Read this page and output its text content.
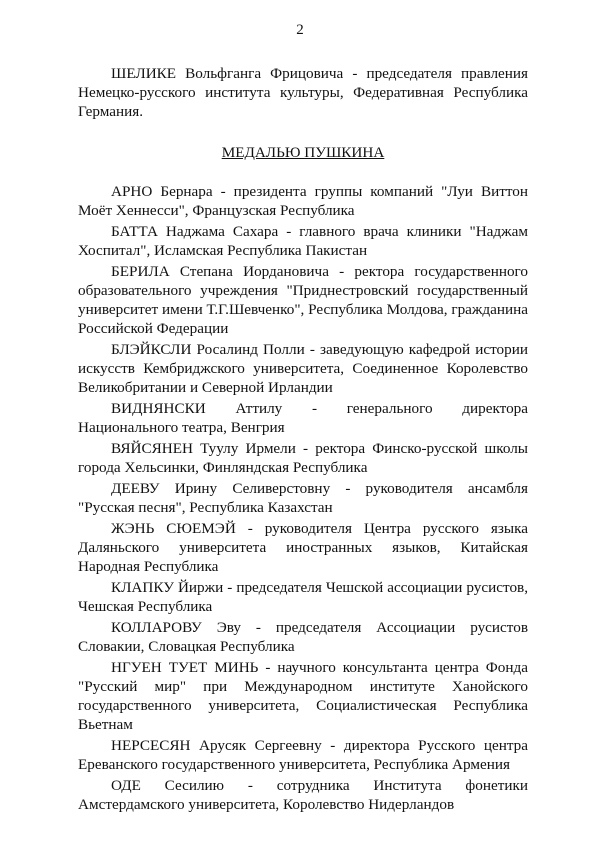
2

ШЕЛИКЕ Вольфганга Фрицовича - председателя правления Немецко-русского института культуры, Федеративная Республика Германия.

МЕДАЛЬЮ ПУШКИНА

АРНО Бернара - президента группы компаний "Луи Виттон Моёт Хеннесси", Французская Республика

БАТТА Наджама Сахара - главного врача клиники "Наджам Хоспитал", Исламская Республика Пакистан

БЕРИЛА Степана Иордановича - ректора государственного образовательного учреждения "Приднестровский государственный университет имени Т.Г.Шевченко", Республика Молдова, гражданина Российской Федерации

БЛЭЙКСЛИ Росалинд Полли - заведующую кафедрой истории искусств Кембриджского университета, Соединенное Королевство Великобритании и Северной Ирландии

ВИДНЯНСКИ Аттилу - генерального директора Национального театра, Венгрия

ВЯЙСЯНЕН Туулу Ирмели - ректора Финско-русской школы города Хельсинки, Финляндская Республика

ДЕЕВУ Ирину Селиверстовну - руководителя ансамбля "Русская песня", Республика Казахстан

ЖЭНЬ СЮЕМЭЙ - руководителя Центра русского языка Даляньского университета иностранных языков, Китайская Народная Республика

КЛАПКУ Йиржи - председателя Чешской ассоциации русистов, Чешская Республика

КОЛЛАРОВУ Эву - председателя Ассоциации русистов Словакии, Словацкая Республика

НГУЕН ТУЕТ МИНЬ - научного консультанта центра Фонда "Русский мир" при Международном институте Ханойского государственного университета, Социалистическая Республика Вьетнам

НЕРСЕСЯН Арусяк Сергеевну - директора Русского центра Ереванского государственного университета, Республика Армения

ОДЕ Сесилию - сотрудника Института фонетики Амстердамского университета, Королевство Нидерландов
